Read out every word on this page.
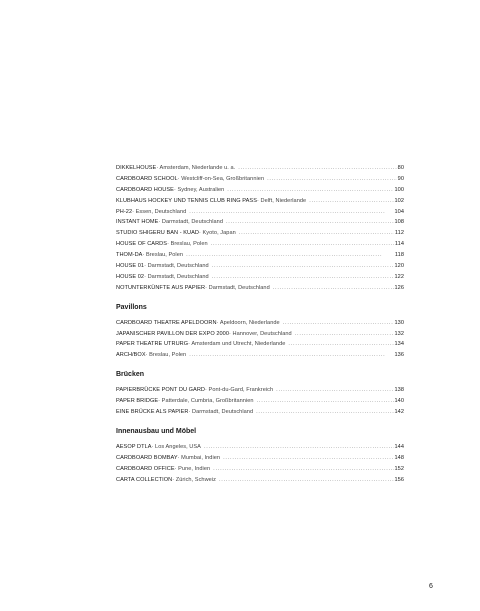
DIKKELHOUSE · Amsterdam, Niederlande u. a. . . .	80
CARDBOARD SCHOOL · Westcliff-on-Sea, Großbritannien . . .	90
CARDBOARD HOUSE · Sydney, Australien . . .	100
KLUBHAUS HOCKEY UND TENNIS CLUB RING PASS · Delft, Niederlande . . .	102
PH-22 · Essen, Deutschland . . .	104
INSTANT HOME · Darmstadt, Deutschland . . .	108
STUDIO SHIGERU BAN - KUAD · Kyoto, Japan . . .	112
HOUSE OF CARDS · Breslau, Polen . . .	114
THOM-DA · Breslau, Polen . . .	118
HOUSE 01 · Darmstadt, Deutschland . . .	120
HOUSE 02 · Darmstadt, Deutschland . . .	122
NOTUNTERKÜNFTE AUS PAPIER · Darmstadt, Deutschland . . .	126
Pavillons
CARDBOARD THEATRE APELDOORN · Apeldoorn, Niederlande . . .	130
JAPANISCHER PAVILLON DER EXPO 2000 · Hannover, Deutschland . . .	132
PAPER THEATRE UTRURG · Amsterdam und Utrecht, Niederlande . . .	134
ARCH/BOX · Breslau, Polen . . .	136
Brücken
PAPIERBRÜCKE PONT DU GARD · Pont-du-Gard, Frankreich . . .	138
PAPER BRIDGE · Patterdale, Cumbria, Großbritannien . . .	140
EINE BRÜCKE ALS PAPIER · Darmstadt, Deutschland . . .	142
Innenausbau und Möbel
AESOP DTLA · Los Angeles, USA . . .	144
CARDBOARD BOMBAY · Mumbai, Indien . . .	148
CARDBOARD OFFICE · Pune, Indien . . .	152
CARTA COLLECTION · Zürich, Schweiz . . .	156
6
